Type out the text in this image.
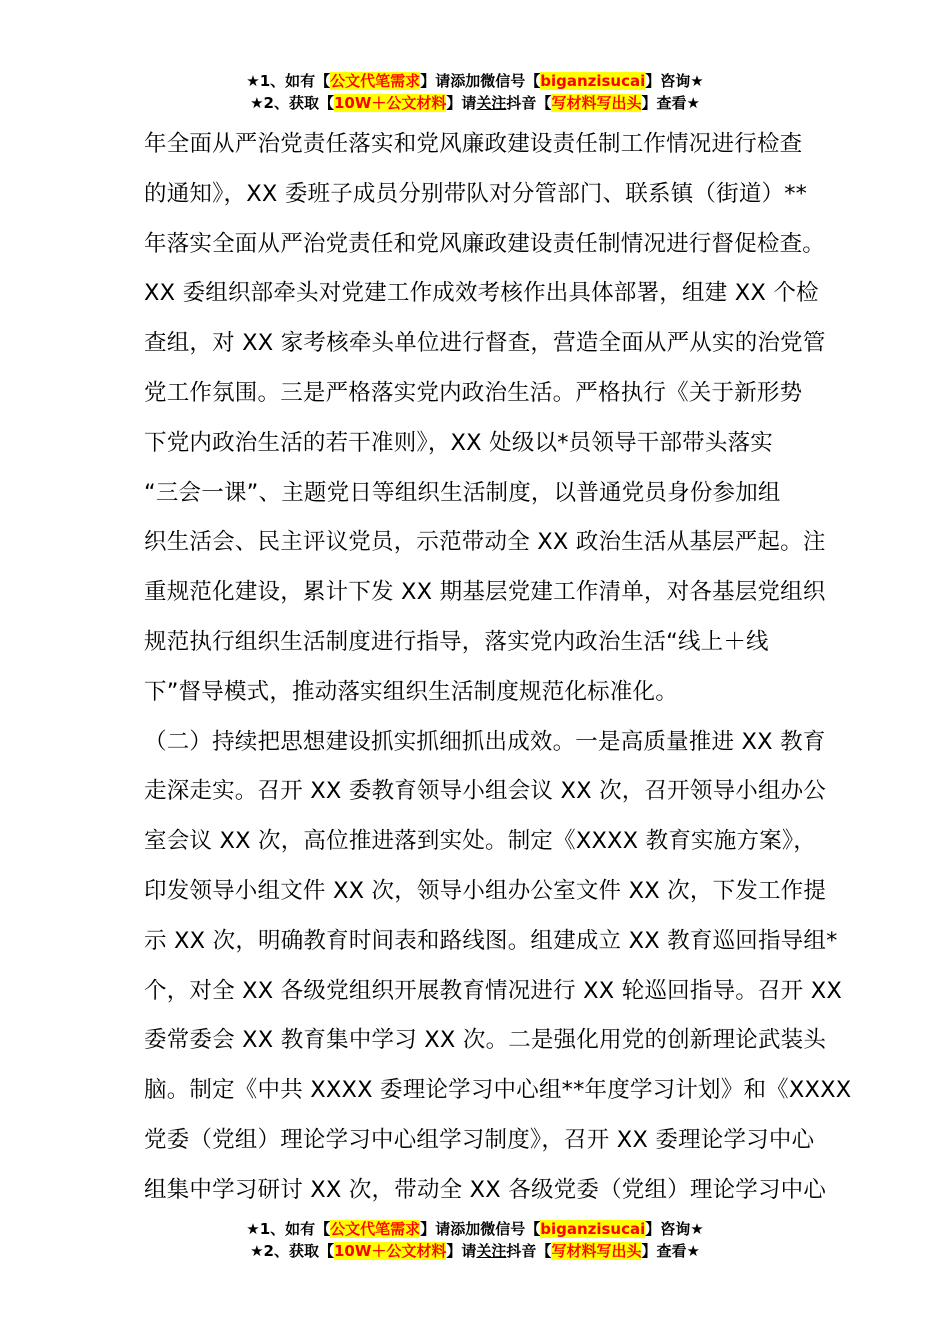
★1、如有【公文代笔需求】请添加微信号【biganzisucai】咨询★
★2、获取【10W＋公文材料】请关注抖音【写材料写出头】查看★
年全面从严治党责任落实和党风廉政建设责任制工作情况进行检查
的通知》，XX 委班子成员分别带队对分管部门、联系镇（街道）**
年落实全面从严治党责任和党风廉政建设责任制情况进行督促检查。
XX 委组织部牵头对党建工作成效考核作出具体部署，组建 XX 个检
查组，对 XX 家考核牵头单位进行督查，营造全面从严从实的治党管
党工作氛围。三是严格落实党内政治生活。严格执行《关于新形势
下党内政治生活的若干准则》，XX 处级以*员领导干部带头落实
“三会一课”、主题党日等组织生活制度，以普通党员身份参加组
织生活会、民主评议党员，示范带动全 XX 政治生活从基层严起。注
重规范化建设，累计下发 XX 期基层党建工作清单，对各基层党组织
规范执行组织生活制度进行指导，落实党内政治生活“线上＋线
下”督导模式，推动落实组织生活制度规范化标准化。
（二）持续把思想建设抓实抓细抓出成效。一是高质量推进 XX 教育
走深走实。召开 XX 委教育领导小组会议 XX 次，召开领导小组办公
室会议 XX 次，高位推进落到实处。制定《XXXX 教育实施方案》，
印发领导小组文件 XX 次，领导小组办公室文件 XX 次，下发工作提
示 XX 次，明确教育时间表和路线图。组建成立 XX 教育巡回指导组*
个，对全 XX 各级党组织开展教育情况进行 XX 轮巡回指导。召开 XX
委常委会 XX 教育集中学习 XX 次。二是强化用党的创新理论武装头
脑。制定《中共 XXXX 委理论学习中心组**年度学习计划》和《XXXX
党委（党组）理论学习中心组学习制度》，召开 XX 委理论学习中心
组集中学习研讨 XX 次，带动全 XX 各级党委（党组）理论学习中心
★1、如有【公文代笔需求】请添加微信号【biganzisucai】咨询★
★2、获取【10W＋公文材料】请关注抖音【写材料写出头】查看★
